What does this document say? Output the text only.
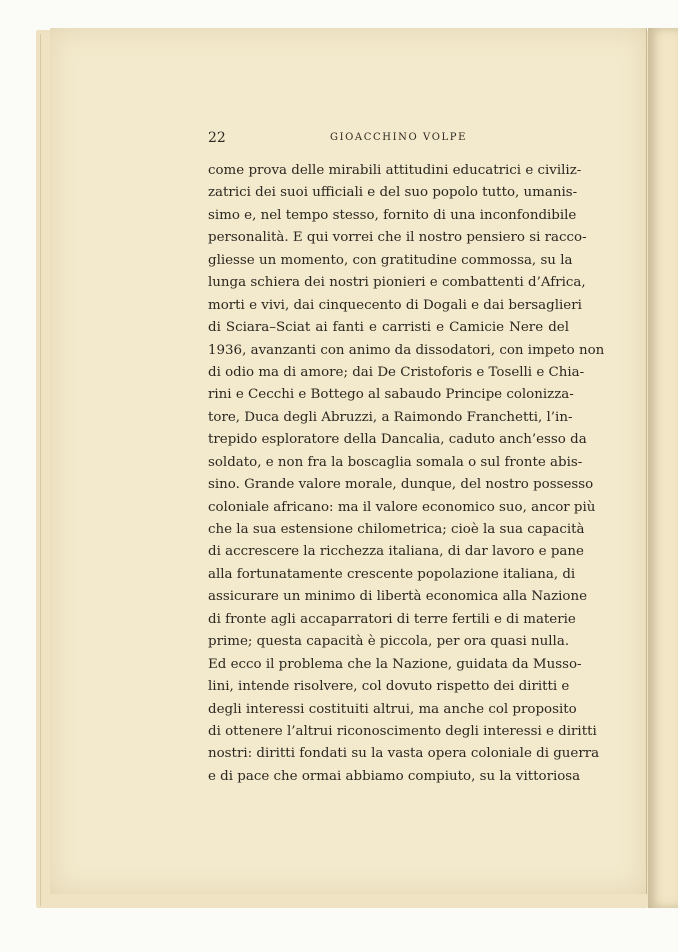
22	GIOACCHINO VOLPE
come prova delle mirabili attitudini educatrici e civiliz-
zatrici dei suoi ufficiali e del suo popolo tutto, umanis-
simo e, nel tempo stesso, fornito di una inconfondibile
personalità. E qui vorrei che il nostro pensiero si racco-
gliesse un momento, con gratitudine commossa, su la
lunga schiera dei nostri pionieri e combattenti d’Africa,
morti e vivi, dai cinquecento di Dogali e dai bersaglieri
di Sciara–Sciat ai fanti e carristi e Camicie Nere del
1936, avanzanti con animo da dissodatori, con impeto non
di odio ma di amore; dai De Cristoforis e Toselli e Chia-
rini e Cecchi e Bottego al sabaudo Principe colonizza-
tore, Duca degli Abruzzi, a Raimondo Franchetti, l’in-
trepido esploratore della Dancalia, caduto anch’esso da
soldato, e non fra la boscaglia somala o sul fronte abis-
sino. Grande valore morale, dunque, del nostro possesso
coloniale africano: ma il valore economico suo, ancor più
che la sua estensione chilometrica; cioè la sua capacità
di accrescere la ricchezza italiana, di dar lavoro e pane
alla fortunatamente crescente popolazione italiana, di
assicurare un minimo di libertà economica alla Nazione
di fronte agli accaparratori di terre fertili e di materie
prime; questa capacità è piccola, per ora quasi nulla.
Ed ecco il problema che la Nazione, guidata da Musso-
lini, intende risolvere, col dovuto rispetto dei diritti e
degli interessi costituiti altrui, ma anche col proposito
di ottenere l’altrui riconoscimento degli interessi e diritti
nostri: diritti fondati su la vasta opera coloniale di guerra
e di pace che ormai abbiamo compiuto, su la vittoriosa
